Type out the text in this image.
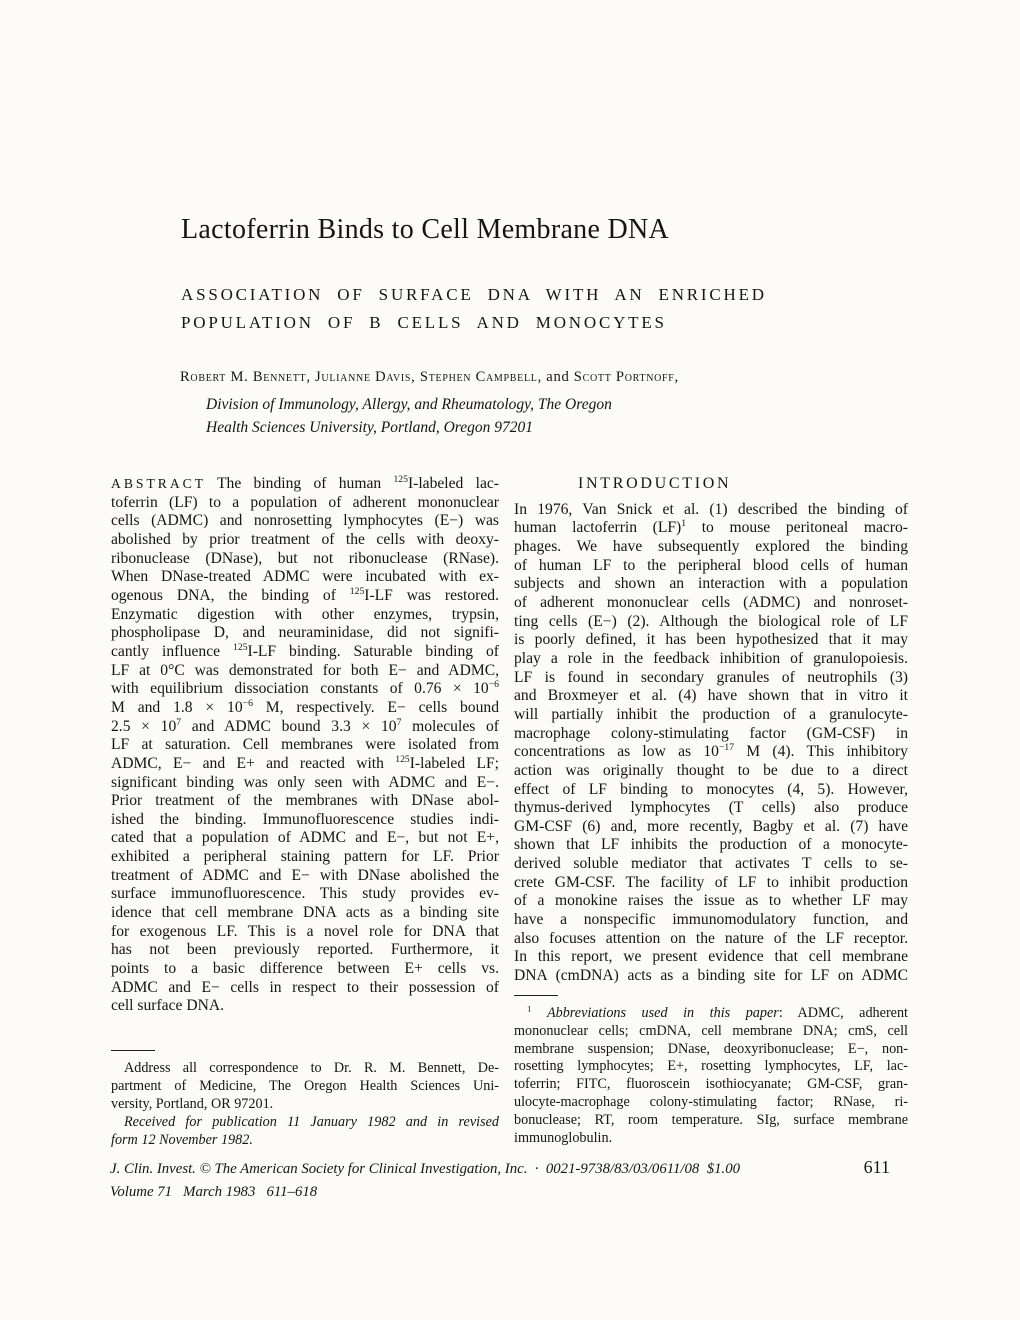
Lactoferrin Binds to Cell Membrane DNA
ASSOCIATION OF SURFACE DNA WITH AN ENRICHED
POPULATION OF B CELLS AND MONOCYTES
Robert M. Bennett, Julianne Davis, Stephen Campbell, and Scott Portnoff,
Division of Immunology, Allergy, and Rheumatology, The Oregon
Health Sciences University, Portland, Oregon 97201
ABSTRACT The binding of human $^{125}$I-labeled lac-
toferrin (LF) to a population of adherent mononuclear
cells (ADMC) and nonrosetting lymphocytes (E−) was
abolished by prior treatment of the cells with deoxy-
ribonuclease (DNase), but not ribonuclease (RNase).
When DNase-treated ADMC were incubated with ex-
ogenous DNA, the binding of $^{125}$I-LF was restored.
Enzymatic digestion with other enzymes, trypsin,
phospholipase D, and neuraminidase, did not signifi-
cantly influence $^{125}$I-LF binding. Saturable binding of
LF at 0°C was demonstrated for both E− and ADMC,
with equilibrium dissociation constants of $0.76 \times 10^{-6}$
M and $1.8 \times 10^{-6}$ M, respectively. E− cells bound
$2.5 \times 10^7$ and ADMC bound $3.3 \times 10^7$ molecules of
LF at saturation. Cell membranes were isolated from
ADMC, E− and E+ and reacted with $^{125}$I-labeled LF;
significant binding was only seen with ADMC and E−.
Prior treatment of the membranes with DNase abol-
ished the binding. Immunofluorescence studies indi-
cated that a population of ADMC and E−, but not E+,
exhibited a peripheral staining pattern for LF. Prior
treatment of ADMC and E− with DNase abolished the
surface immunofluorescence. This study provides ev-
idence that cell membrane DNA acts as a binding site
for exogenous LF. This is a novel role for DNA that
has not been previously reported. Furthermore, it
points to a basic difference between E+ cells vs.
ADMC and E− cells in respect to their possession of
cell surface DNA.
Address all correspondence to Dr. R. M. Bennett, De-
partment of Medicine, The Oregon Health Sciences Uni-
versity, Portland, OR 97201.
Received for publication 11 January 1982 and in revised
form 12 November 1982.
INTRODUCTION
In 1976, Van Snick et al. (1) described the binding of
human lactoferrin (LF)$^1$ to mouse peritoneal macro-
phages. We have subsequently explored the binding
of human LF to the peripheral blood cells of human
subjects and shown an interaction with a population
of adherent mononuclear cells (ADMC) and nonroset-
ting cells (E−) (2). Although the biological role of LF
is poorly defined, it has been hypothesized that it may
play a role in the feedback inhibition of granulopoiesis.
LF is found in secondary granules of neutrophils (3)
and Broxmeyer et al. (4) have shown that in vitro it
will partially inhibit the production of a granulocyte-
macrophage colony-stimulating factor (GM-CSF) in
concentrations as low as $10^{-17}$ M (4). This inhibitory
action was originally thought to be due to a direct
effect of LF binding to monocytes (4, 5). However,
thymus-derived lymphocytes (T cells) also produce
GM-CSF (6) and, more recently, Bagby et al. (7) have
shown that LF inhibits the production of a monocyte-
derived soluble mediator that activates T cells to se-
crete GM-CSF. The facility of LF to inhibit production
of a monokine raises the issue as to whether LF may
have a nonspecific immunomodulatory function, and
also focuses attention on the nature of the LF receptor.
In this report, we present evidence that cell membrane
DNA (cmDNA) acts as a binding site for LF on ADMC
$^1$ Abbreviations used in this paper: ADMC, adherent
mononuclear cells; cmDNA, cell membrane DNA; cmS, cell
membrane suspension; DNase, deoxyribonuclease; E−, non-
rosetting lymphocytes; E+, rosetting lymphocytes, LF, lac-
toferrin; FITC, fluoroscein isothiocyanate; GM-CSF, gran-
ulocyte-macrophage colony-stimulating factor; RNase, ri-
bonuclease; RT, room temperature. SIg, surface membrane
immunoglobulin.
J. Clin. Invest. © The American Society for Clinical Investigation, Inc.  ·  0021-9738/83/03/0611/08  $1.00	611
Volume 71   March 1983   611–618
